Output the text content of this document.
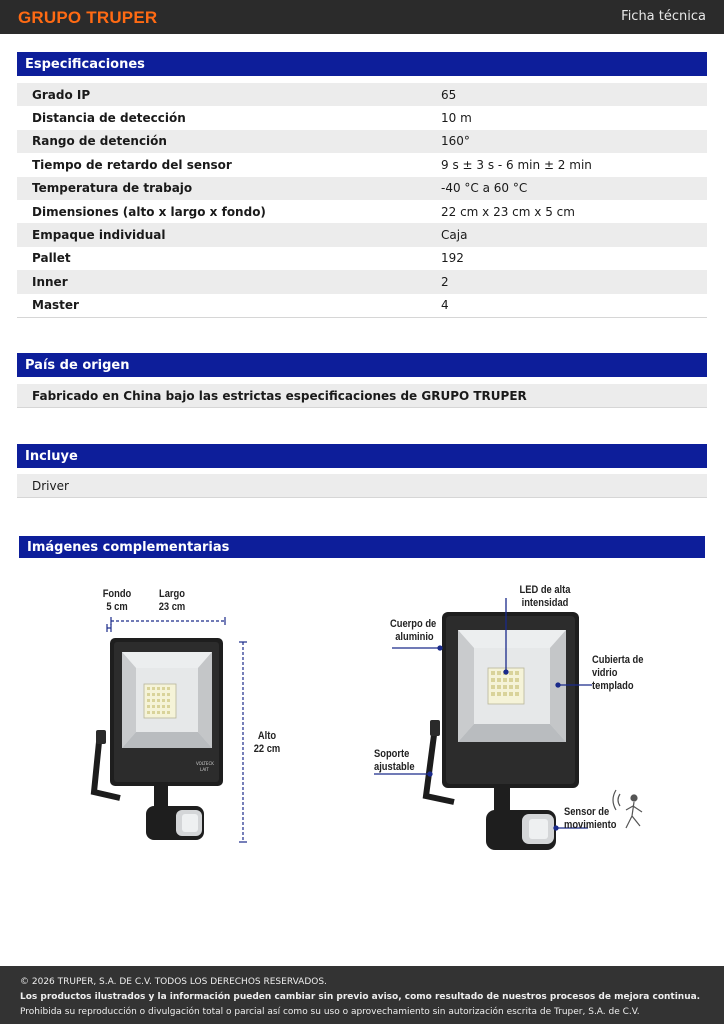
GRUPO TRUPER	Ficha técnica
Especificaciones
Grado IP	65
Distancia de detección	10 m
Rango de detención	160°
Tiempo de retardo del sensor	9 s ± 3 s - 6 min ± 2 min
Temperatura de trabajo	-40 °C a 60 °C
Dimensiones (alto x largo x fondo)	22 cm x 23 cm x 5 cm
Empaque individual	Caja
Pallet	192
Inner	2
Master	4
País de origen
Fabricado en China bajo las estrictas especificaciones de GRUPO TRUPER
Incluye
Driver
Imágenes complementarias
VOLTECK
LAIT
Fondo
5 cm
Largo
23 cm
Alto
22 cm
LED de alta intensidad
Cuerpo de
aluminio
Cubierta de
vidrio templado
Soporte
ajustable
Sensor de
movimiento
© 2026 TRUPER, S.A. DE C.V. TODOS LOS DERECHOS RESERVADOS.
Los productos ilustrados y la información pueden cambiar sin previo aviso, como resultado de nuestros procesos de mejora continua.
Prohibida su reproducción o divulgación total o parcial así como su uso o aprovechamiento sin autorización escrita de Truper, S.A. de C.V.
